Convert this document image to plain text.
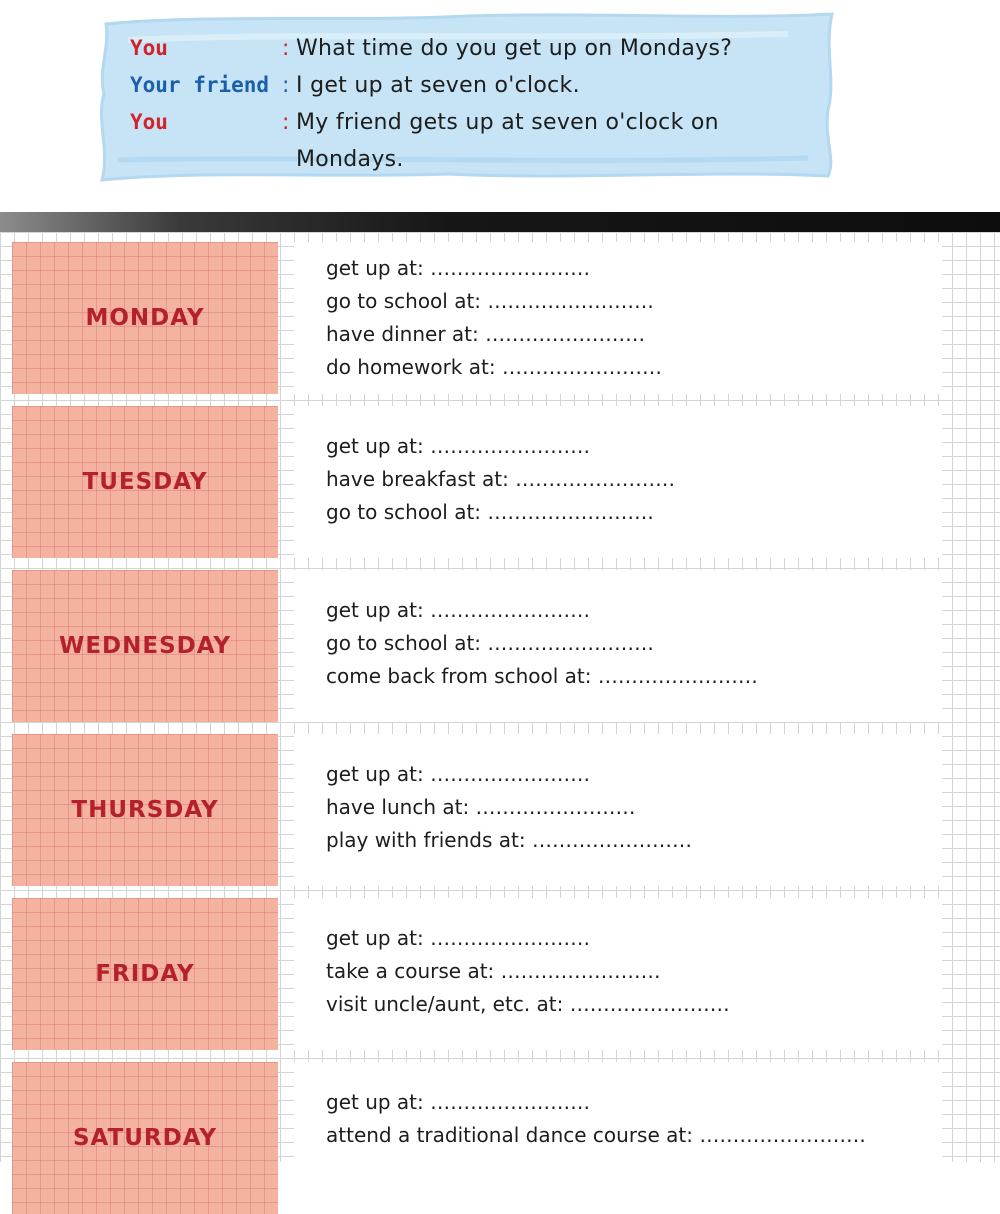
You	: What time do you get up on Mondays?
Your friend : I get up at seven o'clock.
You	: My friend gets up at seven o'clock on Mondays.
MONDAY
get up at: ……………………
go to school at: …………………….
have dinner at: ……………………
do homework at: ……………………
TUESDAY
get up at: ……………………
have breakfast at: ……………………
go to school at: …………………….
WEDNESDAY
get up at: ……………………
go to school at: …………………….
come back from school at: ……………………
THURSDAY
get up at: ……………………
have lunch at: ……………………
play with friends at: ……………………
FRIDAY
get up at: ……………………
take a course at: ……………………
visit uncle/aunt, etc. at: ……………………
SATURDAY
get up at: ……………………
attend a traditional dance course at: …………………….
